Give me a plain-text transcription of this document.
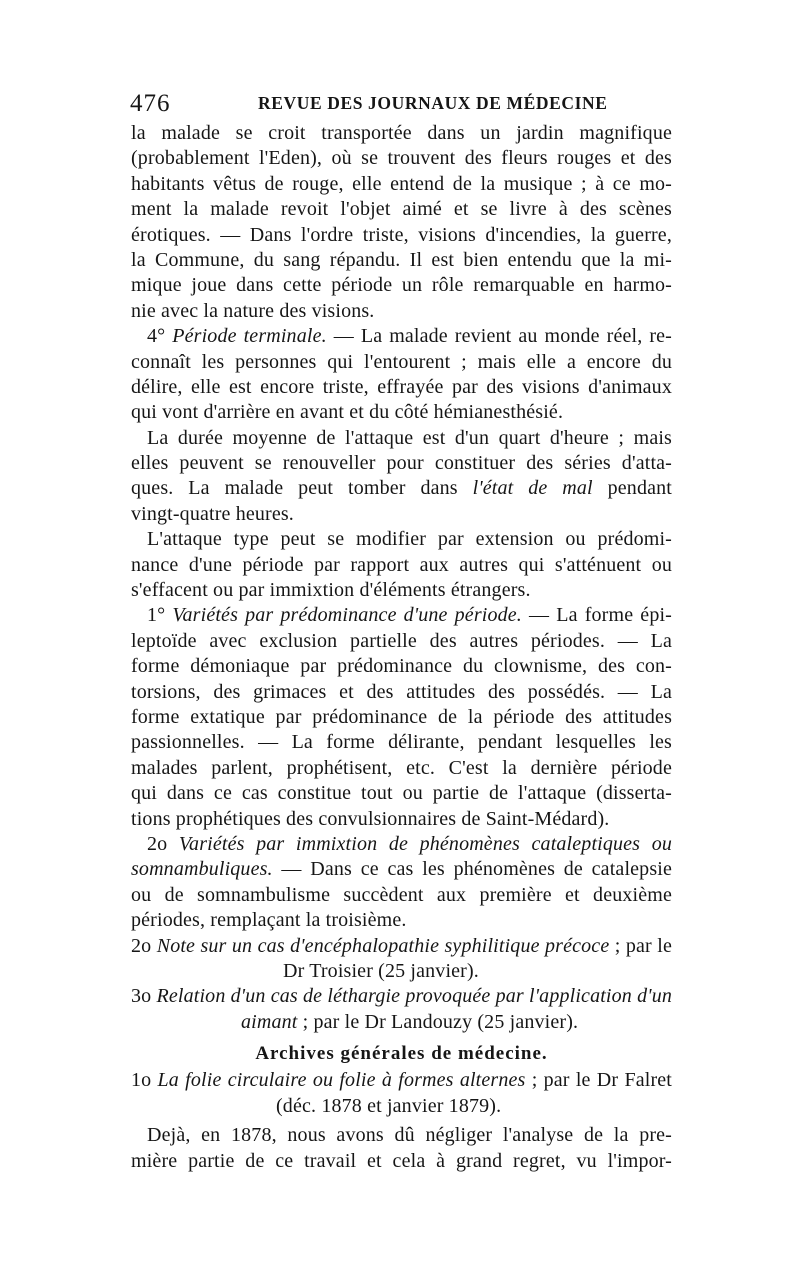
476	REVUE DES JOURNAUX DE MÉDECINE
la malade se croit transportée dans un jardin magnifique
(probablement l'Eden), où se trouvent des fleurs rouges et des
habitants vêtus de rouge, elle entend de la musique ; à ce mo-
ment la malade revoit l'objet aimé et se livre à des scènes
érotiques. — Dans l'ordre triste, visions d'incendies, la guerre,
la Commune, du sang répandu. Il est bien entendu que la mi-
mique joue dans cette période un rôle remarquable en harmo-
nie avec la nature des visions.
4° Période terminale. — La malade revient au monde réel, re-
connaît les personnes qui l'entourent ; mais elle a encore du
délire, elle est encore triste, effrayée par des visions d'animaux
qui vont d'arrière en avant et du côté hémianesthésié.
La durée moyenne de l'attaque est d'un quart d'heure ; mais
elles peuvent se renouveller pour constituer des séries d'atta-
ques. La malade peut tomber dans l'état de mal pendant
vingt-quatre heures.
L'attaque type peut se modifier par extension ou prédomi-
nance d'une période par rapport aux autres qui s'atténuent ou
s'effacent ou par immixtion d'éléments étrangers.
1° Variétés par prédominance d'une période. — La forme épi-
leptoïde avec exclusion partielle des autres périodes. — La
forme démoniaque par prédominance du clownisme, des con-
torsions, des grimaces et des attitudes des possédés. — La
forme extatique par prédominance de la période des attitudes
passionnelles. — La forme délirante, pendant lesquelles les
malades parlent, prophétisent, etc. C'est la dernière période
qui dans ce cas constitue tout ou partie de l'attaque (disserta-
tions prophétiques des convulsionnaires de Saint-Médard).
2o Variétés par immixtion de phénomènes cataleptiques ou
somnambuliques. — Dans ce cas les phénomènes de catalepsie
ou de somnambulisme succèdent aux première et deuxième
périodes, remplaçant la troisième.
2o Note sur un cas d'encéphalopathie syphilitique précoce ; par le
Dr Troisier (25 janvier).
3o Relation d'un cas de léthargie provoquée par l'application d'un
aimant ; par le Dr Landouzy (25 janvier).
Archives générales de médecine.
1o La folie circulaire ou folie à formes alternes ; par le Dr Falret
(déc. 1878 et janvier 1879).
Dejà, en 1878, nous avons dû négliger l'analyse de la pre-
mière partie de ce travail et cela à grand regret, vu l'impor-
